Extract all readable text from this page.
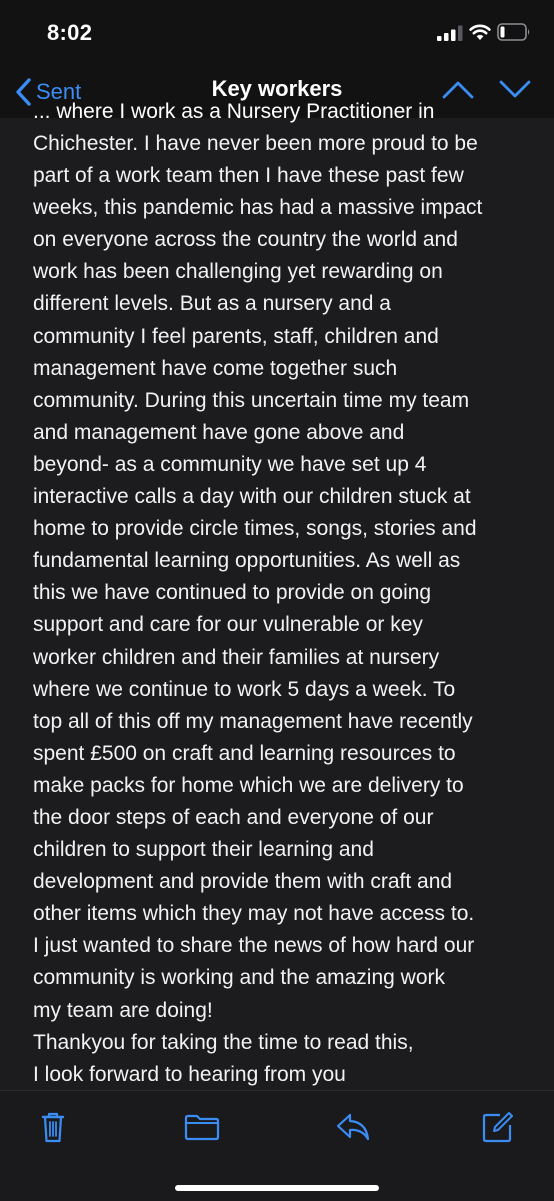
8:02
Sent	Key workers
... where I work as a Nursery Practitioner in
Chichester. I have never been more proud to be
part of a work team then I have these past few
weeks, this pandemic has had a massive impact
on everyone across the country the world and
work has been challenging yet rewarding on
different levels. But as a nursery and a
community I feel parents, staff, children and
management have come together such
community. During this uncertain time my team
and management have gone above and
beyond- as a community we have set up 4
interactive calls a day with our children stuck at
home to provide circle times, songs, stories and
fundamental learning opportunities. As well as
this we have continued to provide on going
support and care for our vulnerable or key
worker children and their families at nursery
where we continue to work 5 days a week. To
top all of this off my management have recently
spent £500 on craft and learning resources to
make packs for home which we are delivery to
the door steps of each and everyone of our
children to support their learning and
development and provide them with craft and
other items which they may not have access to.
I just wanted to share the news of how hard our
community is working and the amazing work
my team are doing!
Thankyou for taking the time to read this,
I look forward to hearing from you
